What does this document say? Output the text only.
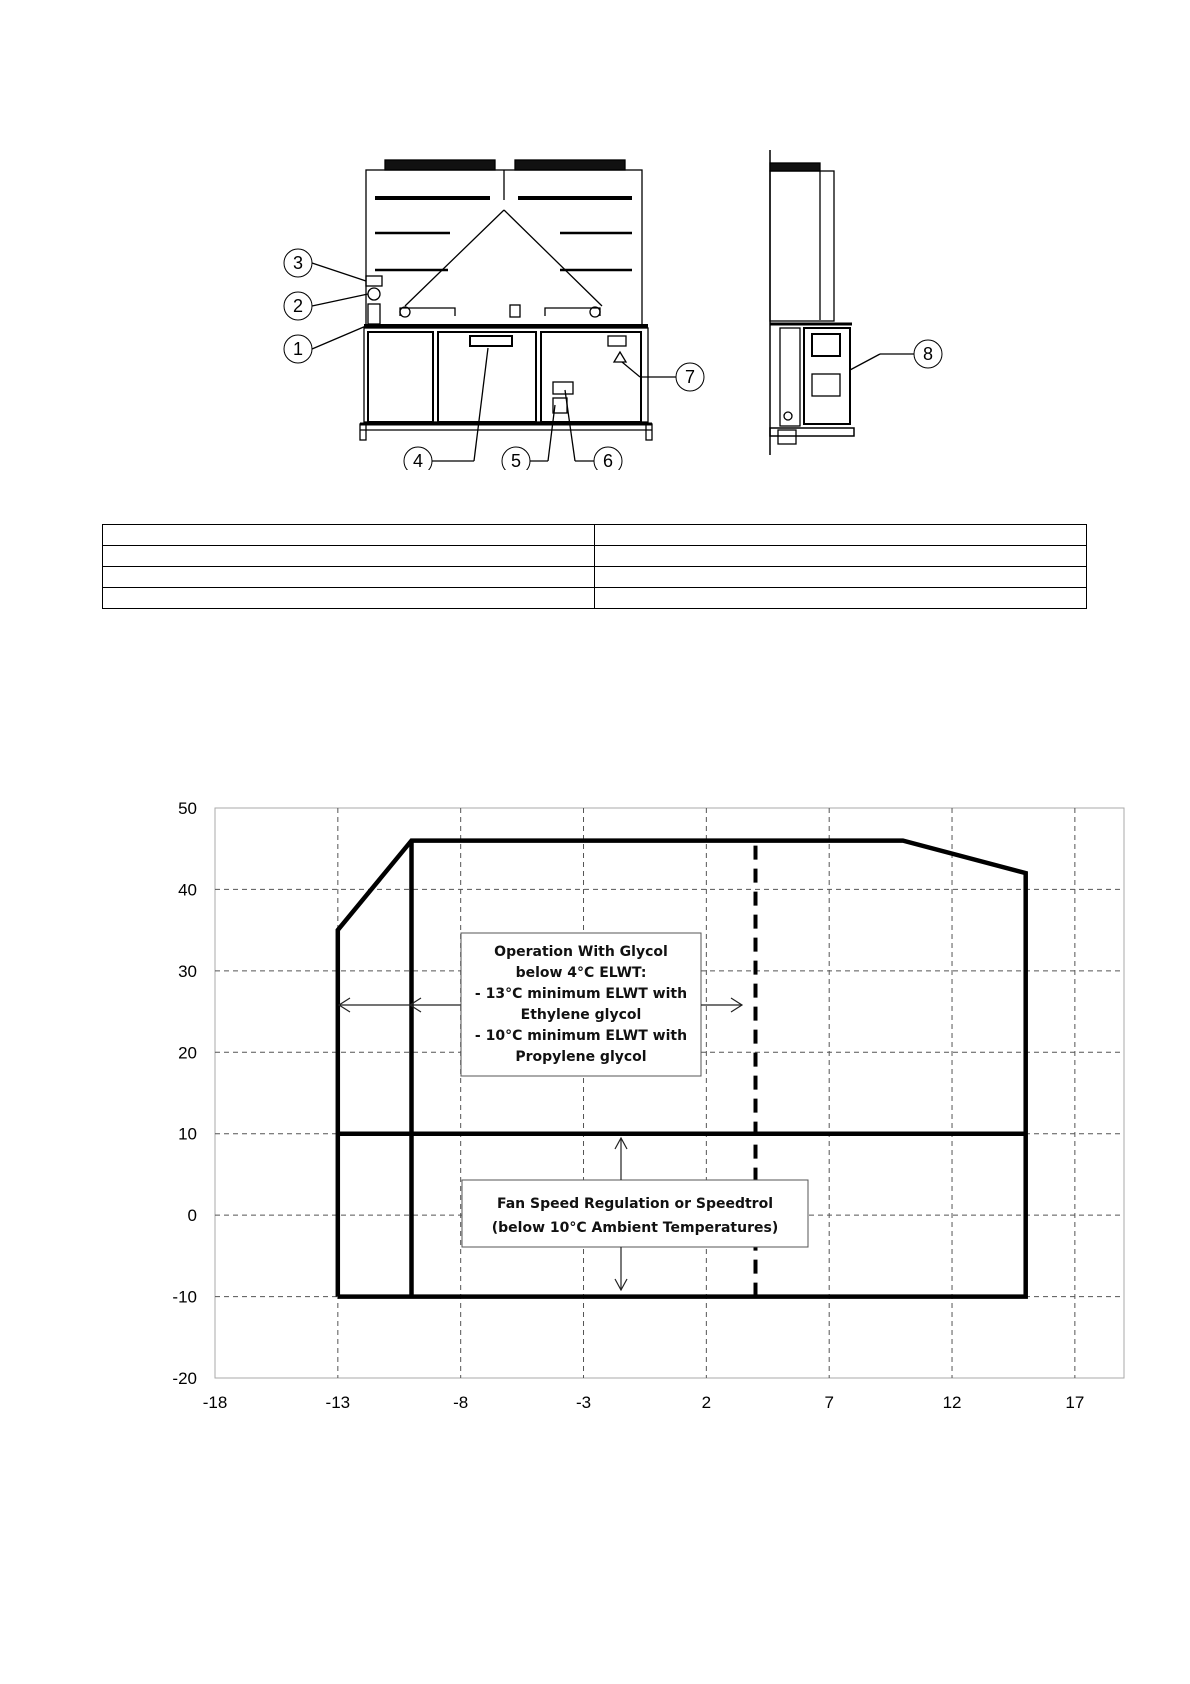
3
2
1
4	5	6
7
8

50
40
30
20
10
0
-10
-20
-18	-13	-8	-3	2	7	12	17
Operation With Glycol
below 4°C ELWT:
- 13°C minimum ELWT with
Ethylene glycol
- 10°C minimum ELWT with
Propylene glycol
Fan Speed Regulation or Speedtrol
(below 10°C Ambient Temperatures)
